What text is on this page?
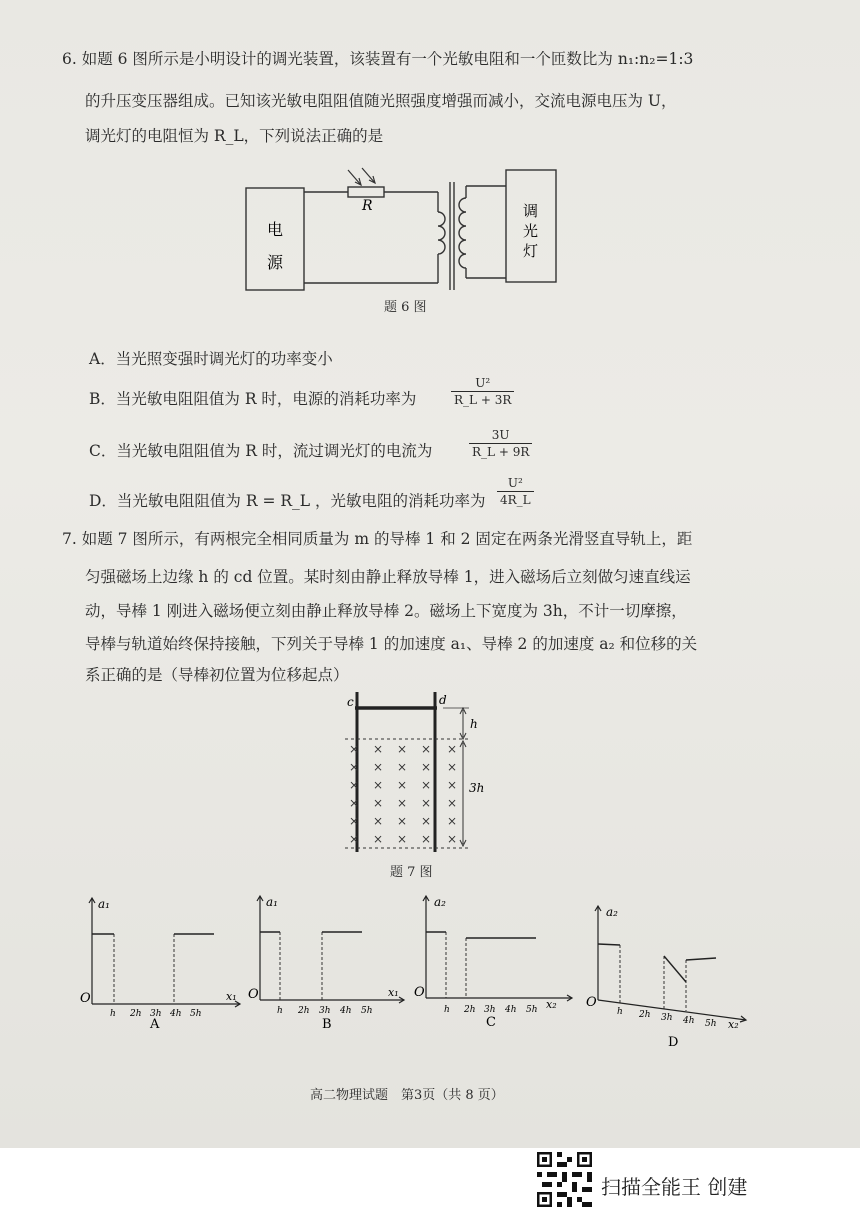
6. 如题 6 图所示是小明设计的调光装置，该装置有一个光敏电阻和一个匝数比为 n₁:n₂=1:3
的升压变压器组成。已知该光敏电阻阻值随光照强度增强而减小，交流电源电压为 U，
调光灯的电阻恒为 R_L，下列说法正确的是
电
源
R	调
光
灯
题 6 图
A．当光照变强时调光灯的功率变小
B．当光敏电阻阻值为 R 时，电源的消耗功率为	$\frac{\text{U²}}{R\_L + 3R}$
C．当光敏电阻阻值为 R 时，流过调光灯的电流为	$\frac{3U}{R\_L + 9R}$
D．当光敏电阻阻值为 R = R_L ，光敏电阻的消耗功率为 $\frac{\text{U²}}{4R\_L}$
7. 如题 7 图所示，有两根完全相同质量为 m 的导棒 1 和 2 固定在两条光滑竖直导轨上，距
匀强磁场上边缘 h 的 cd 位置。某时刻由静止释放导棒 1，进入磁场后立刻做匀速直线运
动，导棒 1 刚进入磁场便立刻由静止释放导棒 2。磁场上下宽度为 3h，不计一切摩擦，
导棒与轨道始终保持接触，下列关于导棒 1 的加速度 a₁、导棒 2 的加速度 a₂ 和位移的关
系正确的是（导棒初位置为位移起点）
c	d
h
3h
× × × × ×
× × × × ×
× × × × ×
× × × × ×
× × × × ×
× × × × ×
题 7 图
a₁
x₁
O
h 2h 3h 4h 5h
A
a₁
x₁
O
h 2h 3h 4h 5h
B
a₂
x₂
O
h 2h 3h 4h 5h
C
a₂
x₂
O
h 2h 3h 4h 5h
D
高二物理试题　第3页（共 8 页）
扫描全能王 创建
